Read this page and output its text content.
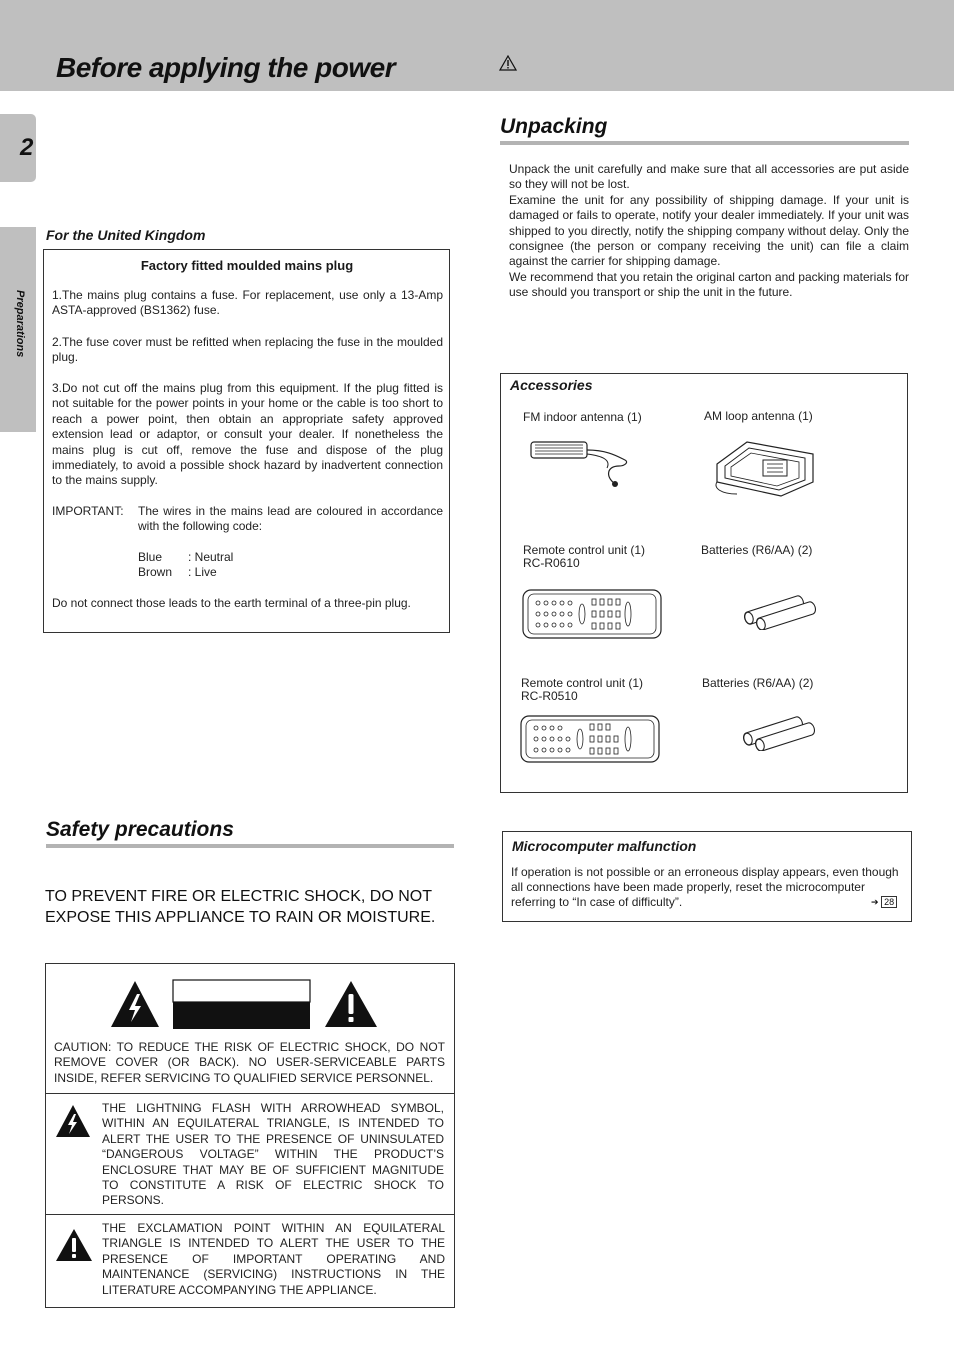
Before applying the power
2
Preparations
For the United Kingdom
Factory fitted moulded mains plug
1.The mains plug contains a fuse. For replacement, use only a 13-Amp ASTA-approved (BS1362) fuse.
2.The fuse cover must be refitted when replacing the fuse in the moulded plug.
3.Do not cut off the mains plug from this equipment. If the plug fitted is not suitable for the power points in your home or the cable is too short to reach a power point, then obtain an appropriate safety approved extension lead or adaptor, or consult your dealer. If nonetheless the mains plug is cut off, remove the fuse and dispose of the plug immediately, to avoid a possible shock hazard by inadvertent connection to the mains supply.
IMPORTANT: The wires in the mains lead are coloured in accordance with the following code:
Blue : Neutral
Brown : Live
Do not connect those leads to the earth terminal of a three-pin plug.
Unpacking
Unpack the unit carefully and make sure that all accessories are put aside so they will not be lost.
Examine the unit for any possibility of shipping damage. If your unit is damaged or fails to operate, notify your dealer immediately. If your unit was shipped to you directly, notify the shipping company without delay. Only the consignee (the person or company receiving the unit) can file a claim against the carrier for shipping damage.
We recommend that you retain the original carton and packing materials for use should you transport or ship the unit in the future.
Accessories
FM indoor antenna (1)	AM loop antenna (1)
Remote control unit (1)
RC-R0610
Batteries (R6/AA) (2)
Remote control unit (1)
RC-R0510
Batteries (R6/AA) (2)
Safety precautions
TO PREVENT FIRE OR ELECTRIC SHOCK, DO NOT EXPOSE THIS APPLIANCE TO RAIN OR MOISTURE.
CAUTION: TO REDUCE THE RISK OF ELECTRIC SHOCK, DO NOT REMOVE COVER (OR BACK). NO USER-SERVICEABLE PARTS INSIDE, REFER SERVICING TO QUALIFIED SERVICE PERSONNEL.
THE LIGHTNING FLASH WITH ARROWHEAD SYMBOL, WITHIN AN EQUILATERAL TRIANGLE, IS INTENDED TO ALERT THE USER TO THE PRESENCE OF UNINSULATED “DANGEROUS VOLTAGE” WITHIN THE PRODUCT’S ENCLOSURE THAT MAY BE OF SUFFICIENT MAGNITUDE TO CONSTITUTE A RISK OF ELECTRIC SHOCK TO PERSONS.
THE EXCLAMATION POINT WITHIN AN EQUILATERAL TRIANGLE IS INTENDED TO ALERT THE USER TO THE PRESENCE OF IMPORTANT OPERATING AND MAINTENANCE (SERVICING) INSTRUCTIONS IN THE LITERATURE ACCOMPANYING THE APPLIANCE.
Microcomputer malfunction
If operation is not possible or an erroneous display appears, even though all connections have been made properly, reset the microcomputer referring to “In case of difficulty”.	➔ 28
